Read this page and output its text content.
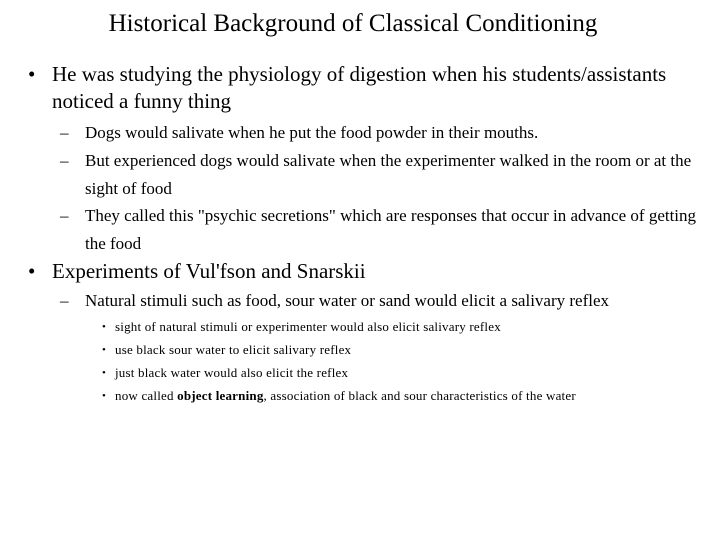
Historical Background of Classical Conditioning
• He was studying the physiology of digestion when his students/assistants noticed a funny thing
– Dogs would salivate when he put the food powder in their mouths.
– But experienced dogs would salivate when the experimenter walked in the room or at the sight of food
– They called this "psychic secretions" which are responses that occur in advance of getting the food
• Experiments of Vul'fson and Snarskii
– Natural stimuli such as food, sour water or sand would elicit a salivary reflex
• sight of natural stimuli or experimenter would also elicit salivary reflex
• use black sour water to elicit salivary reflex
• just black water would also elicit the reflex
• now called object learning, association of black and sour characteristics of the water
